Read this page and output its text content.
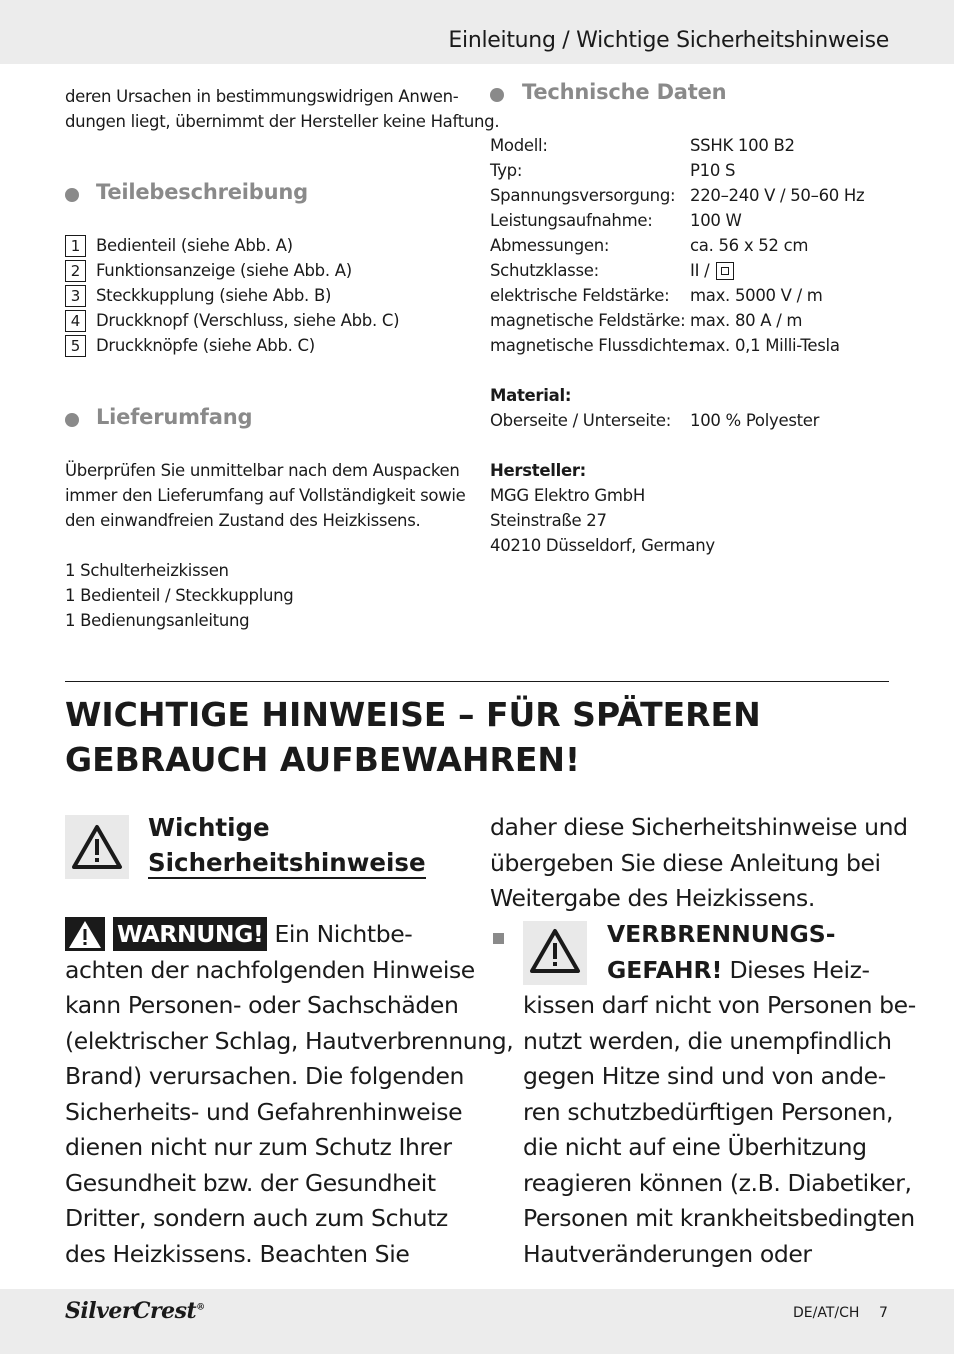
Einleitung / Wichtige Sicherheitshinweise
deren Ursachen in bestimmungswidrigen Anwen-
dungen liegt, übernimmt der Hersteller keine Haftung.
Teilebeschreibung
1 Bedienteil (siehe Abb. A)
2 Funktionsanzeige (siehe Abb. A)
3 Steckkupplung (siehe Abb. B)
4 Druckknopf (Verschluss, siehe Abb. C)
5 Druckknöpfe (siehe Abb. C)
Lieferumfang
Überprüfen Sie unmittelbar nach dem Auspacken
immer den Lieferumfang auf Vollständigkeit sowie
den einwandfreien Zustand des Heizkissens.
1 Schulterheizkissen
1 Bedienteil / Steckkupplung
1 Bedienungsanleitung
Technische Daten
Modell:	SSHK 100 B2
Typ:	P10 S
Spannungsversorgung: 220–240 V / 50–60 Hz
Leistungsaufnahme: 100 W
Abmessungen:	ca. 56 x 52 cm
Schutzklasse:	II /
elektrische Feldstärke: max. 5000 V / m
magnetische Feldstärke: max. 80 A / m
magnetische Flussdichte:
max. 0,1 Milli-Tesla
Material:
Oberseite / Unterseite: 100 % Polyester
Hersteller:
MGG Elektro GmbH
Steinstraße 27
40210 Düsseldorf, Germany
WICHTIGE HINWEISE – FÜR SPÄTEREN
GEBRAUCH AUFBEWAHREN!
Wichtige
Sicherheitshinweise
WARNUNG! Ein Nichtbe-
achten der nachfolgenden Hinweise
kann Personen- oder Sachschäden
(elektrischer Schlag, Hautverbrennung,
Brand) verursachen. Die folgenden
Sicherheits- und Gefahrenhinweise
dienen nicht nur zum Schutz Ihrer
Gesundheit bzw. der Gesundheit
Dritter, sondern auch zum Schutz
des Heizkissens. Beachten Sie
daher diese Sicherheitshinweise und
übergeben Sie diese Anleitung bei
Weitergabe des Heizkissens.
VERBRENNUNGS-
GEFAHR! Dieses Heiz-
kissen darf nicht von Personen be-
nutzt werden, die unempfindlich
gegen Hitze sind und von ande-
ren schutzbedürftigen Personen,
die nicht auf eine Überhitzung
reagieren können (z.B. Diabetiker,
Personen mit krankheitsbedingten
Hautveränderungen oder
SilverCrest®	DE/AT/CH 7
